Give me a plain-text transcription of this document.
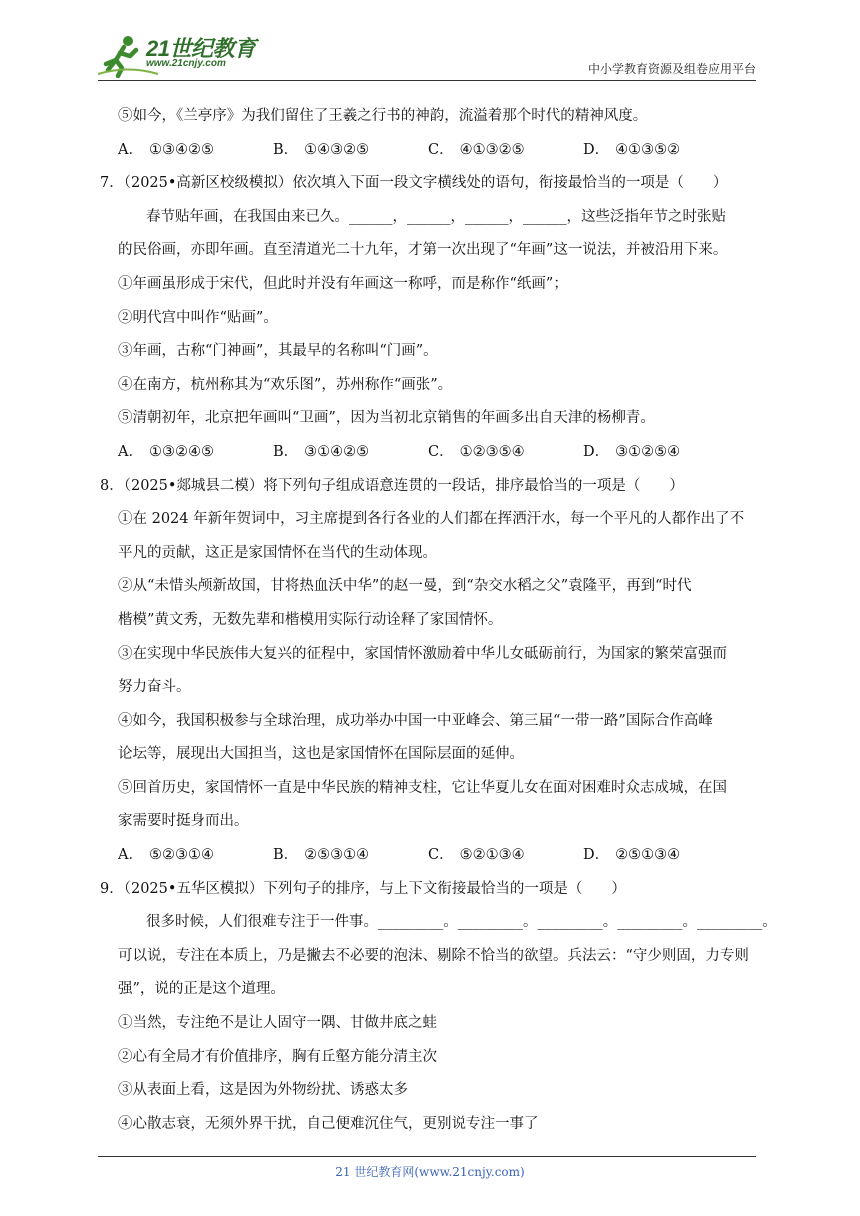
21世纪教育
www.21cnjy.com	中小学教育资源及组卷应用平台
⑤如今，《兰亭序》为我们留住了王羲之行书的神韵，流溢着那个时代的精神风度。
A． ①③④②⑤	B． ①④③②⑤	C． ④①③②⑤	D． ④①③⑤②
7．（2025•高新区校级模拟）依次填入下面一段文字横线处的语句，衔接最恰当的一项是（　　）
春节贴年画，在我国由来已久。______，______，______，______，这些泛指年节之时张贴
的民俗画，亦即年画。直至清道光二十九年，才第一次出现了“年画”这一说法，并被沿用下来。
①年画虽形成于宋代，但此时并没有年画这一称呼，而是称作“纸画”；
②明代宫中叫作“贴画”。
③年画，古称“门神画”，其最早的名称叫“门画”。
④在南方，杭州称其为“欢乐图”，苏州称作“画张”。
⑤清朝初年，北京把年画叫“卫画”，因为当初北京销售的年画多出自天津的杨柳青。
A． ①③②④⑤	B． ③①④②⑤	C． ①②③⑤④	D． ③①②⑤④
8．（2025•郯城县二模）将下列句子组成语意连贯的一段话，排序最恰当的一项是（　　）
①在 2024 年新年贺词中，习主席提到各行各业的人们都在挥洒汗水，每一个平凡的人都作出了不
平凡的贡献，这正是家国情怀在当代的生动体现。
②从“未惜头颅新故国，甘将热血沃中华”的赵一曼，到“杂交水稻之父”袁隆平，再到“时代
楷模”黄文秀，无数先辈和楷模用实际行动诠释了家国情怀。
③在实现中华民族伟大复兴的征程中，家国情怀激励着中华儿女砥砺前行，为国家的繁荣富强而
努力奋斗。
④如今，我国积极参与全球治理，成功举办中国一中亚峰会、第三届“一带一路”国际合作高峰
论坛等，展现出大国担当，这也是家国情怀在国际层面的延伸。
⑤回首历史，家国情怀一直是中华民族的精神支柱，它让华夏儿女在面对困难时众志成城，在国
家需要时挺身而出。
A． ⑤②③①④	B． ②⑤③①④	C． ⑤②①③④	D． ②⑤①③④
9．（2025•五华区模拟）下列句子的排序，与上下文衔接最恰当的一项是（　　）
很多时候，人们很难专注于一件事。_________。_________。_________。_________。_________。
可以说，专注在本质上，乃是撇去不必要的泡沫、剔除不恰当的欲望。兵法云：“守少则固，力专则
强”，说的正是这个道理。
①当然，专注绝不是让人固守一隅、甘做井底之蛙
②心有全局才有价值排序，胸有丘壑方能分清主次
③从表面上看，这是因为外物纷扰、诱惑太多
④心散志衰，无须外界干扰，自己便难沉住气，更别说专注一事了
21 世纪教育网(www.21cnjy.com)
